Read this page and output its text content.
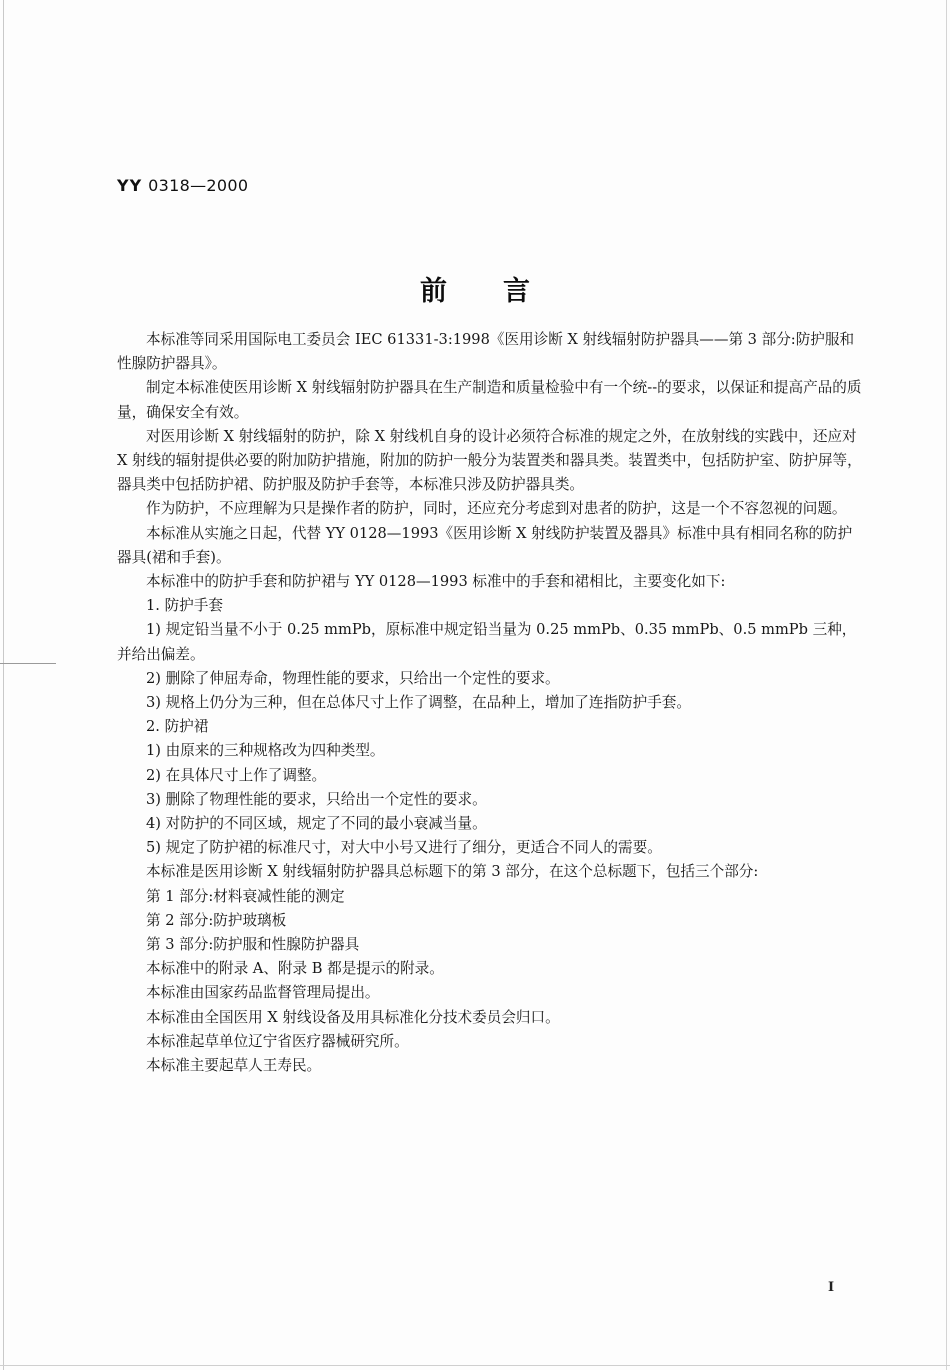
YY 0318—2000
前言

本标准等同采用国际电工委员会 IEC 61331-3:1998《医用诊断 X 射线辐射防护器具——第 3 部分:防护服和性腺防护器具》。

制定本标准使医用诊断 X 射线辐射防护器具在生产制造和质量检验中有一个统--的要求，以保证和提高产品的质量，确保安全有效。

对医用诊断 X 射线辐射的防护，除 X 射线机自身的设计必须符合标准的规定之外，在放射线的实践中，还应对 X 射线的辐射提供必要的附加防护措施，附加的防护一般分为装置类和器具类。装置类中，包括防护室、防护屏等，器具类中包括防护裙、防护服及防护手套等，本标准只涉及防护器具类。

作为防护，不应理解为只是操作者的防护，同时，还应充分考虑到对患者的防护，这是一个不容忽视的问题。

本标准从实施之日起，代替 YY 0128—1993《医用诊断 X 射线防护装置及器具》标准中具有相同名称的防护器具(裙和手套)。

本标准中的防护手套和防护裙与 YY 0128—1993 标准中的手套和裙相比，主要变化如下:

1. 防护手套

1) 规定铅当量不小于 0.25 mmPb，原标准中规定铅当量为 0.25 mmPb、0.35 mmPb、0.5 mmPb 三种，并给出偏差。

2) 删除了伸屈寿命，物理性能的要求，只给出一个定性的要求。

3) 规格上仍分为三种，但在总体尺寸上作了调整，在品种上，增加了连指防护手套。

2. 防护裙

1) 由原来的三种规格改为四种类型。

2) 在具体尺寸上作了调整。

3) 删除了物理性能的要求，只给出一个定性的要求。

4) 对防护的不同区域，规定了不同的最小衰减当量。

5) 规定了防护裙的标准尺寸，对大中小号又进行了细分，更适合不同人的需要。

本标准是医用诊断 X 射线辐射防护器具总标题下的第 3 部分，在这个总标题下，包括三个部分:

第 1 部分:材料衰减性能的测定

第 2 部分:防护玻璃板

第 3 部分:防护服和性腺防护器具

本标准中的附录 A、附录 B 都是提示的附录。

本标准由国家药品监督管理局提出。

本标准由全国医用 X 射线设备及用具标准化分技术委员会归口。

本标准起草单位辽宁省医疗器械研究所。

本标准主要起草人王寿民。

I
